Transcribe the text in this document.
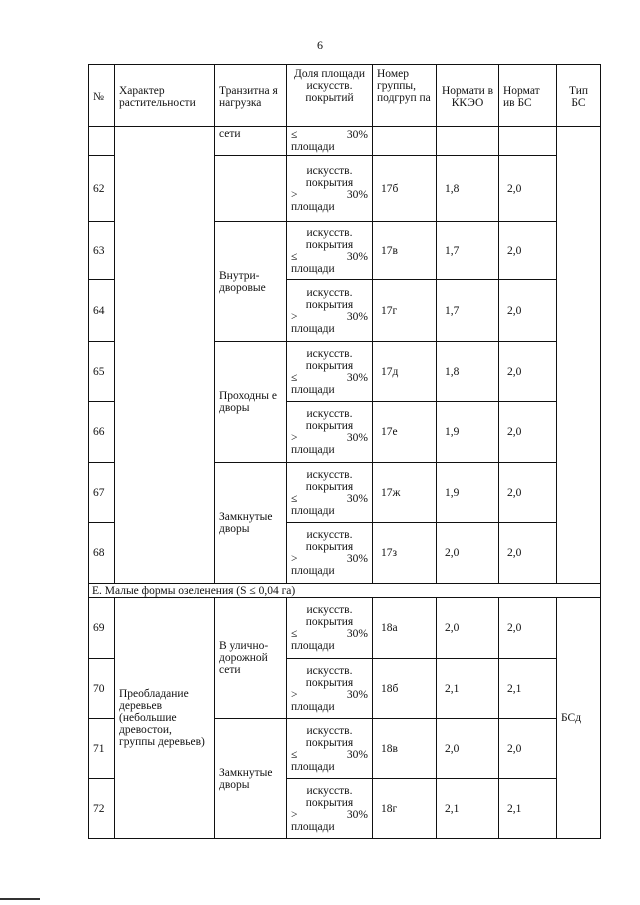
6
№	Характер растительности	Транзитна я нагрузка	Доля площади искусств. покрытий	Номер группы, подгруп па	Нормати в ККЭО	Нормат ив БС	Тип БС
		сети	≤ 30%
площади				

62			искусств.
покрытия
> 30%
площади	17б	1,8	2,0	
63		Внутри- дворовые	искусств.
покрытия
≤ 30%
площади	17в	1,7	2,0	
64			искусств.
покрытия
> 30%
площади	17г	1,7	2,0	
65		Проходны е дворы	искусств.
покрытия
≤ 30%
площади	17д	1,8	2,0	
66			искусств.
покрытия
> 30%
площади	17е	1,9	2,0	
67		Замкнутые дворы	искусств.
покрытия
≤ 30%
площади	17ж	1,9	2,0	
68			искусств.
покрытия
> 30%
площади	17з	2,0	2,0	
Е. Малые формы озеленения (S ≤ 0,04 га)							
69	Преобладание деревьев (небольшие древостои, группы деревьев)	В улично- дорожной сети	искусств.
покрытия
≤ 30%
площади	18а	2,0	2,0	БСд
70			искусств.
покрытия
> 30%
площади	18б	2,1	2,1	
71		Замкнутые дворы	искусств.
покрытия
≤ 30%
площади	18в	2,0	2,0	
72			искусств.
покрытия
> 30%
площади	18г	2,1	2,1	
